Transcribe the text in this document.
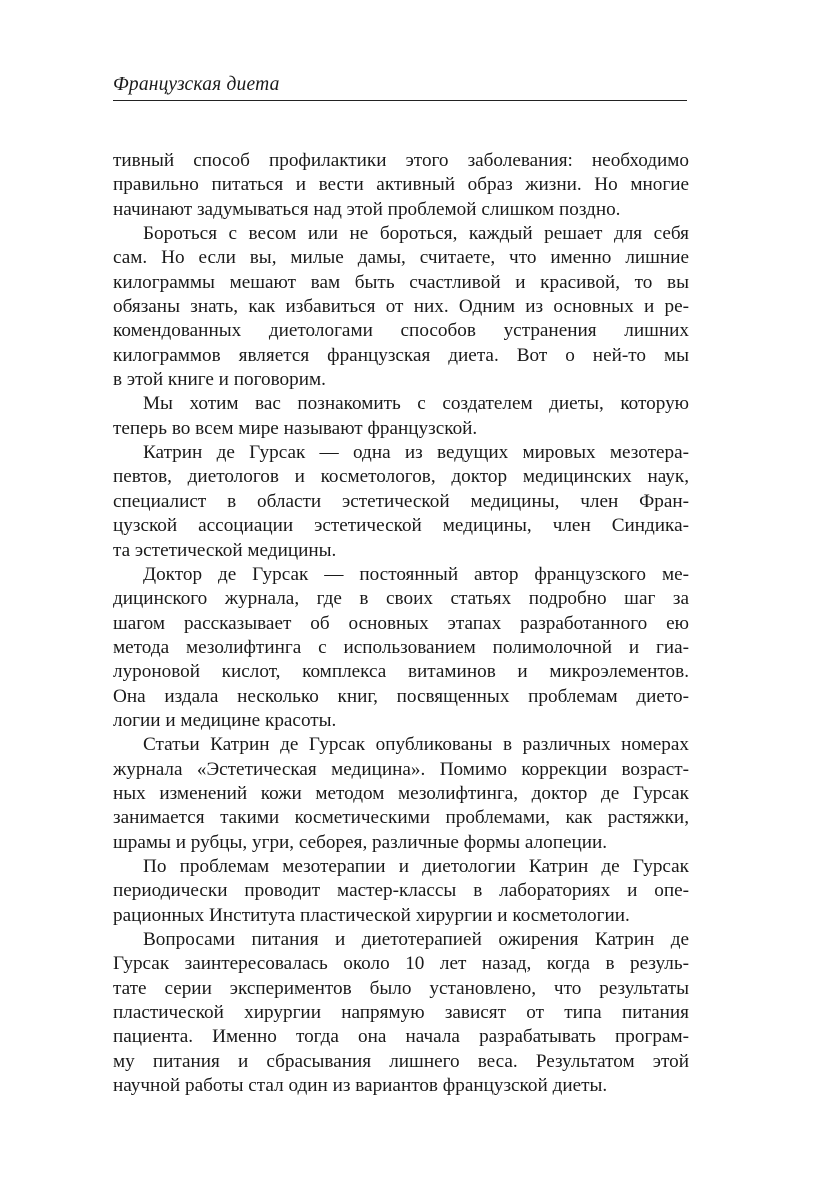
Французская диета
тивный способ профилактики этого заболевания: необходимо
правильно питаться и вести активный образ жизни. Но многие
начинают задумываться над этой проблемой слишком поздно.
Бороться с весом или не бороться, каждый решает для себя
сам. Но если вы, милые дамы, считаете, что именно лишние
килограммы мешают вам быть счастливой и красивой, то вы
обязаны знать, как избавиться от них. Одним из основных и ре-
комендованных диетологами способов устранения лишних
килограммов является французская диета. Вот о ней-то мы
в этой книге и поговорим.
Мы хотим вас познакомить с создателем диеты, которую
теперь во всем мире называют французской.
Катрин де Гурсак — одна из ведущих мировых мезотера-
певтов, диетологов и косметологов, доктор медицинских наук,
специалист в области эстетической медицины, член Фран-
цузской ассоциации эстетической медицины, член Синдика-
та эстетической медицины.
Доктор де Гурсак — постоянный автор французского ме-
дицинского журнала, где в своих статьях подробно шаг за
шагом рассказывает об основных этапах разработанного ею
метода мезолифтинга с использованием полимолочной и гиа-
луроновой кислот, комплекса витаминов и микроэлементов.
Она издала несколько книг, посвященных проблемам дието-
логии и медицине красоты.
Статьи Катрин де Гурсак опубликованы в различных номерах
журнала «Эстетическая медицина». Помимо коррекции возраст-
ных изменений кожи методом мезолифтинга, доктор де Гурсак
занимается такими косметическими проблемами, как растяжки,
шрамы и рубцы, угри, себорея, различные формы алопеции.
По проблемам мезотерапии и диетологии Катрин де Гурсак
периодически проводит мастер-классы в лабораториях и опе-
рационных Института пластической хирургии и косметологии.
Вопросами питания и диетотерапией ожирения Катрин де
Гурсак заинтересовалась около 10 лет назад, когда в резуль-
тате серии экспериментов было установлено, что результаты
пластической хирургии напрямую зависят от типа питания
пациента. Именно тогда она начала разрабатывать програм-
му питания и сбрасывания лишнего веса. Результатом этой
научной работы стал один из вариантов французской диеты.
